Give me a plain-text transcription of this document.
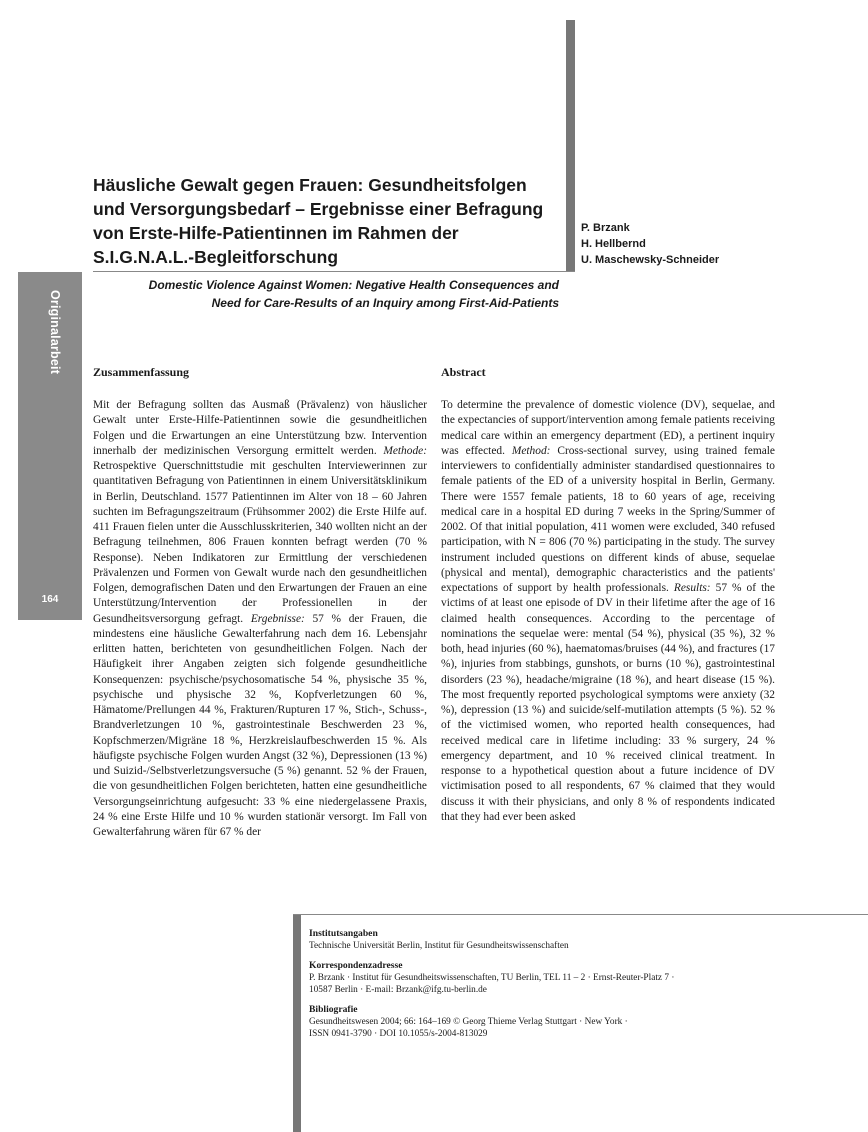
Häusliche Gewalt gegen Frauen: Gesundheitsfolgen
und Versorgungsbedarf – Ergebnisse einer Befragung
von Erste-Hilfe-Patientinnen im Rahmen der
S.I.G.N.A.L.-Begleitforschung
P. Brzank
H. Hellbernd
U. Maschewsky-Schneider
Domestic Violence Against Women: Negative Health Consequences and
Need for Care-Results of an Inquiry among First-Aid-Patients
Originalarbeit
164
Zusammenfassung

Mit der Befragung sollten das Ausmaß (Prävalenz) von häuslicher Gewalt unter Erste-Hilfe-Patientinnen sowie die gesundheitlichen Folgen und die Erwartungen an eine Unterstützung bzw. Intervention innerhalb der medizinischen Versorgung ermittelt werden. Methode: Retrospektive Querschnittstudie mit geschulten Interviewerinnen zur quantitativen Befragung von Patientinnen in einem Universitätsklinikum in Berlin, Deutschland. 1577 Patientinnen im Alter von 18 – 60 Jahren suchten im Befragungszeitraum (Frühsommer 2002) die Erste Hilfe auf. 411 Frauen fielen unter die Ausschlusskriterien, 340 wollten nicht an der Befragung teilnehmen, 806 Frauen konnten befragt werden (70 % Response). Neben Indikatoren zur Ermittlung der verschiedenen Prävalenzen und Formen von Gewalt wurde nach den gesundheitlichen Folgen, demografischen Daten und den Erwartungen der Frauen an eine Unterstützung/Intervention der Professionellen in der Gesundheitsversorgung gefragt. Ergebnisse: 57 % der Frauen, die mindestens eine häusliche Gewalterfahrung nach dem 16. Lebensjahr erlitten hatten, berichteten von gesundheitlichen Folgen. Nach der Häufigkeit ihrer Angaben zeigten sich folgende gesundheitliche Konsequenzen: psychische/psychosomatische 54 %, physische 35 %, psychische und physische 32 %, Kopfverletzungen 60 %, Hämatome/Prellungen 44 %, Frakturen/Rupturen 17 %, Stich-, Schuss-, Brandverletzungen 10 %, gastrointestinale Beschwerden 23 %, Kopfschmerzen/Migräne 18 %, Herzkreislaufbeschwerden 15 %. Als häufigste psychische Folgen wurden Angst (32 %), Depressionen (13 %) und Suizid-/Selbstverletzungsversuche (5 %) genannt. 52 % der Frauen, die von gesundheitlichen Folgen berichteten, hatten eine gesundheitliche Versorgungseinrichtung aufgesucht: 33 % eine niedergelassene Praxis, 24 % eine Erste Hilfe und 10 % wurden stationär versorgt. Im Fall von Gewalterfahrung wären für 67 % der

Abstract

To determine the prevalence of domestic violence (DV), sequelae, and the expectancies of support/intervention among female patients receiving medical care within an emergency department (ED), a pertinent inquiry was effected. Method: Cross-sectional survey, using trained female interviewers to confidentially administer standardised questionnaires to female patients of the ED of a university hospital in Berlin, Germany. There were 1557 female patients, 18 to 60 years of age, receiving medical care in a hospital ED during 7 weeks in the Spring/Summer of 2002. Of that initial population, 411 women were excluded, 340 refused participation, with N = 806 (70 %) participating in the study. The survey instrument included questions on different kinds of abuse, sequelae (physical and mental), demographic characteristics and the patients' expectations of support by health professionals. Results: 57 % of the victims of at least one episode of DV in their lifetime after the age of 16 claimed health consequences. According to the percentage of nominations the sequelae were: mental (54 %), physical (35 %), 32 % both, head injuries (60 %), haematomas/bruises (44 %), and fractures (17 %), injuries from stabbings, gunshots, or burns (10 %), gastrointestinal disorders (23 %), headache/migraine (18 %), and heart disease (15 %). The most frequently reported psychological symptoms were anxiety (32 %), depression (13 %) and suicide/self-mutilation attempts (5 %). 52 % of the victimised women, who reported health consequences, had received medical care in lifetime including: 33 % surgery, 24 % emergency department, and 10 % received clinical treatment. In response to a hypothetical question about a future incidence of DV victimisation posed to all respondents, 67 % claimed that they would discuss it with their physicians, and only 8 % of respondents indicated that they had ever been asked

Institutsangaben
Technische Universität Berlin, Institut für Gesundheitswissenschaften
Korrespondenzadresse
P. Brzank · Institut für Gesundheitswissenschaften, TU Berlin, TEL 11 – 2 · Ernst-Reuter-Platz 7 ·
10587 Berlin · E-mail: Brzank@ifg.tu-berlin.de
Bibliografie
Gesundheitswesen 2004; 66: 164–169 © Georg Thieme Verlag Stuttgart · New York ·
ISSN 0941-3790 · DOI 10.1055/s-2004-813029
